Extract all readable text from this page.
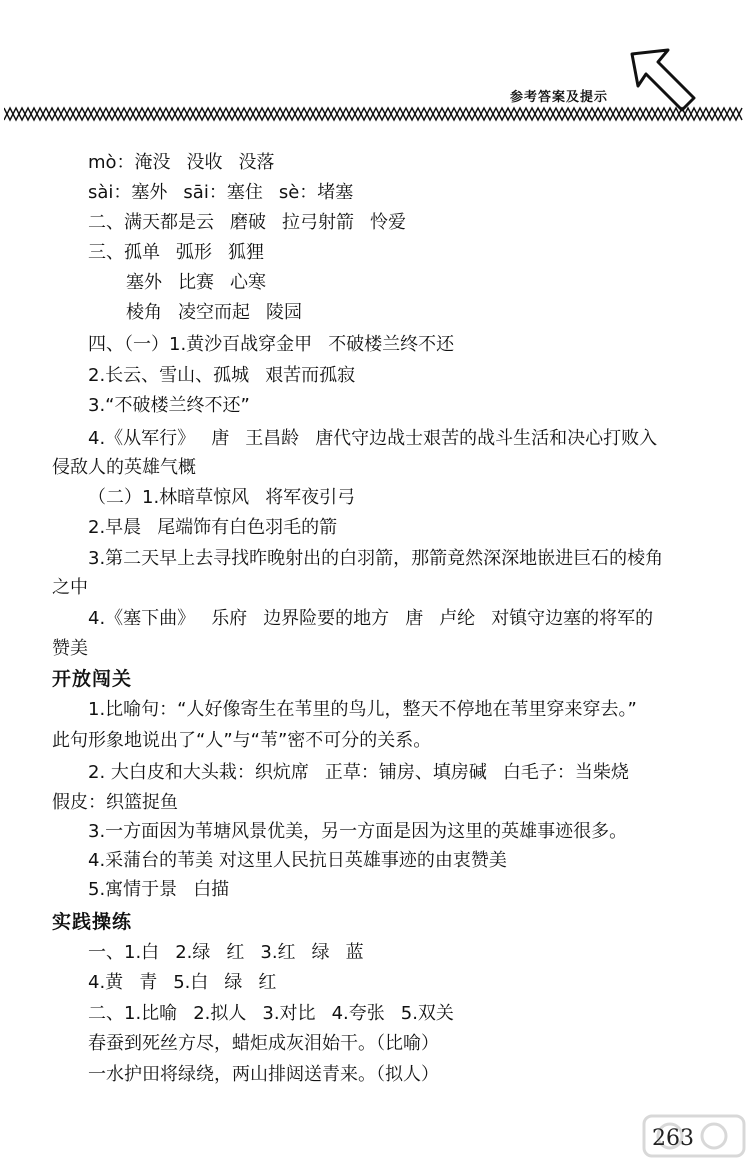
参考答案及提示
mò：淹没 没收 没落
sài：塞外 sāi：塞住 sè：堵塞
二、满天都是云 磨破 拉弓射箭 怜爱
三、孤单 弧形 狐狸
塞外 比赛 心寒
棱角 凌空而起 陵园
四、（一）1.黄沙百战穿金甲 不破楼兰终不还
2.长云、雪山、孤城 艰苦而孤寂
3.“不破楼兰终不还”
4.《从军行》 唐 王昌龄 唐代守边战士艰苦的战斗生活和决心打败入
侵敌人的英雄气概
（二）1.林暗草惊风 将军夜引弓
2.早晨 尾端饰有白色羽毛的箭
3.第二天早上去寻找昨晚射出的白羽箭，那箭竟然深深地嵌进巨石的棱角
之中
4.《塞下曲》 乐府 边界险要的地方 唐 卢纶 对镇守边塞的将军的
赞美
开放闯关
1.比喻句：“人好像寄生在苇里的鸟儿，整天不停地在苇里穿来穿去。”
此句形象地说出了“人”与“苇”密不可分的关系。
2. 大白皮和大头栽：织炕席 正草：铺房、填房碱 白毛子：当柴烧
假皮：织篮捉鱼
3.一方面因为苇塘风景优美，另一方面是因为这里的英雄事迹很多。
4.采蒲台的苇美 对这里人民抗日英雄事迹的由衷赞美
5.寓情于景 白描
实践操练
一、1.白 2.绿 红 3.红 绿 蓝
4.黄 青 5.白 绿 红
二、1.比喻 2.拟人 3.对比 4.夸张 5.双关
春蚕到死丝方尽，蜡炬成灰泪始干。（比喻）
一水护田将绿绕，两山排闼送青来。（拟人）
263
